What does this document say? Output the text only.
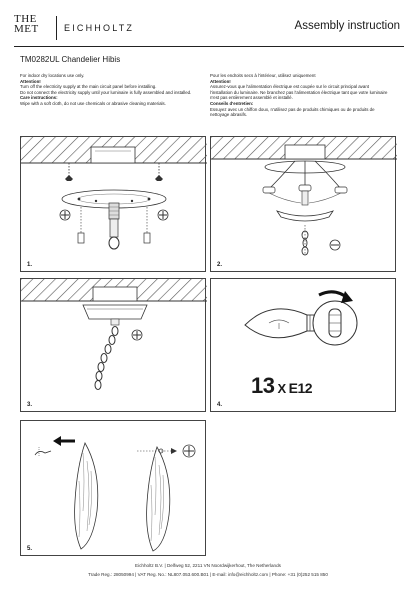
THE
MET	EICHHOLTZ	Assembly instruction
TM0282UL Chandelier Hibis

For indoor dry locations use only.

Attention!

Turn off the electricity supply at the main circuit panel before installing.

Do not connect the electricity supply until your luminaire is fully assembled and installed.

Care instructions:

Wipe with a soft cloth, do not use chemicals or abrasive cleaning materials.

Pour les endroits secs à l'intérieur, utilisez uniquement

Attention!

Assurez-vous que l'alimentation électrique est coupée sur le circuit principal avant

l'installation du luminaire. Ne branchez pas l'alimentation électrique tant que votre luminaire

n'est pas entièrement assemblé et installé.

Conseils d'entretien:

Essuyez avec un chiffon doux, n'utilisez pas de produits chimiques ou de produits de

nettoyage abrasifs.

1.	2.
3.
13 X E12
4.
5.
Eichholtz B.V. | Delfweg 52, 2211 VN Noordwijkerhout, The Netherlands
Trade Reg.: 28050994 | VAT Reg. No.: NL807.053.600.B01 | E-mail: info@eichholtz.com | Phone: +31 (0)252 515 850
